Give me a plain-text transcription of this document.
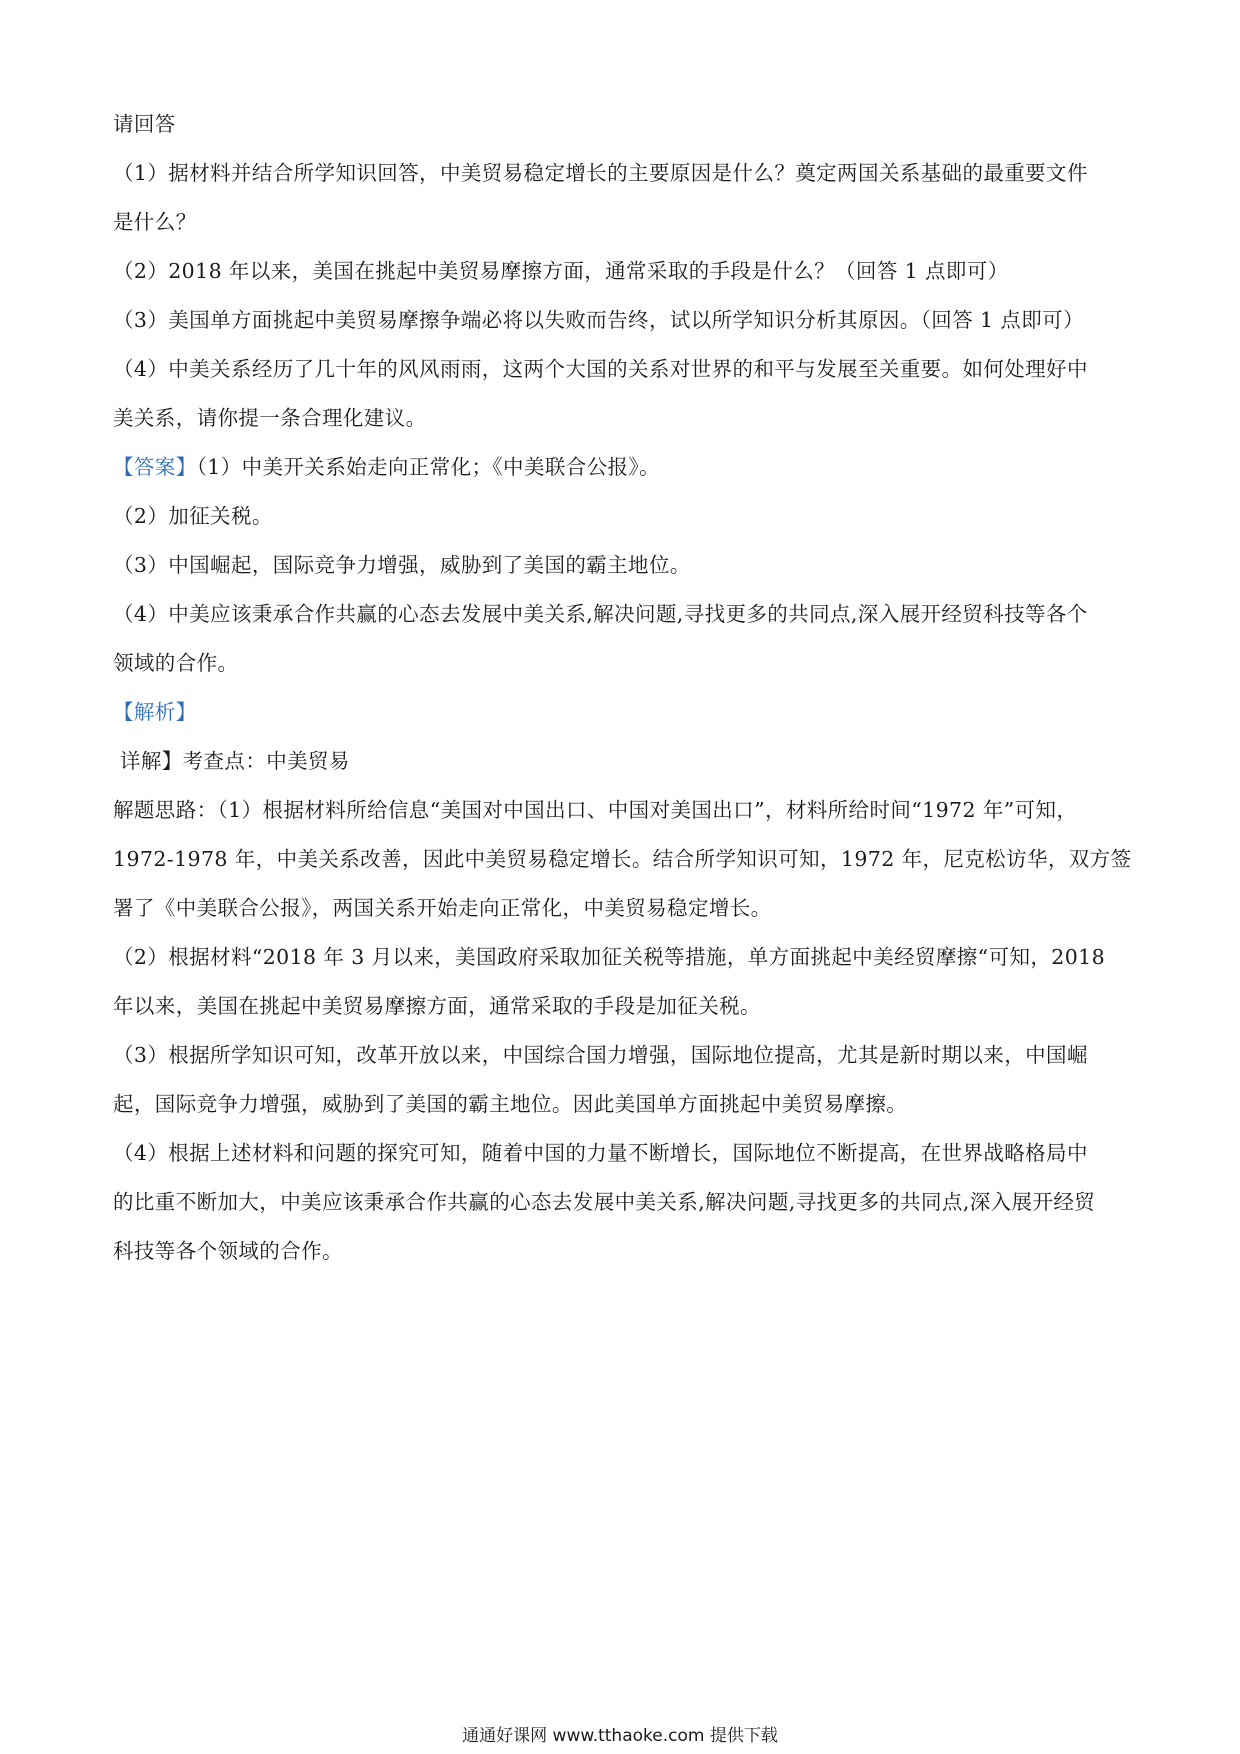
请回答
（1）据材料并结合所学知识回答，中美贸易稳定增长的主要原因是什么？奠定两国关系基础的最重要文件
是什么？
（2）2018 年以来，美国在挑起中美贸易摩擦方面，通常采取的手段是什么？（回答 1 点即可）
（3）美国单方面挑起中美贸易摩擦争端必将以失败而告终，试以所学知识分析其原因。（回答 1 点即可）
（4）中美关系经历了几十年的风风雨雨，这两个大国的关系对世界的和平与发展至关重要。如何处理好中
美关系，请你提一条合理化建议。
【答案】（1）中美开关系始走向正常化；《中美联合公报》。
（2）加征关税。
（3）中国崛起，国际竞争力增强，威胁到了美国的霸主地位。
（4）中美应该秉承合作共赢的心态去发展中美关系,解决问题,寻找更多的共同点,深入展开经贸科技等各个
领域的合作。
【解析】
详解】考查点：中美贸易
解题思路：（1）根据材料所给信息“美国对中国出口、中国对美国出口”，材料所给时间“1972 年”可知，
1972-1978 年，中美关系改善，因此中美贸易稳定增长。结合所学知识可知，1972 年，尼克松访华，双方签
署了《中美联合公报》，两国关系开始走向正常化，中美贸易稳定增长。
（2）根据材料“2018 年 3 月以来，美国政府采取加征关税等措施，单方面挑起中美经贸摩擦“可知，2018
年以来，美国在挑起中美贸易摩擦方面，通常采取的手段是加征关税。
（3）根据所学知识可知，改革开放以来，中国综合国力增强，国际地位提高，尤其是新时期以来，中国崛
起，国际竞争力增强，威胁到了美国的霸主地位。因此美国单方面挑起中美贸易摩擦。
（4）根据上述材料和问题的探究可知，随着中国的力量不断增长，国际地位不断提高，在世界战略格局中
的比重不断加大，中美应该秉承合作共赢的心态去发展中美关系,解决问题,寻找更多的共同点,深入展开经贸
科技等各个领域的合作。
通通好课网 www.tthaoke.com 提供下载
